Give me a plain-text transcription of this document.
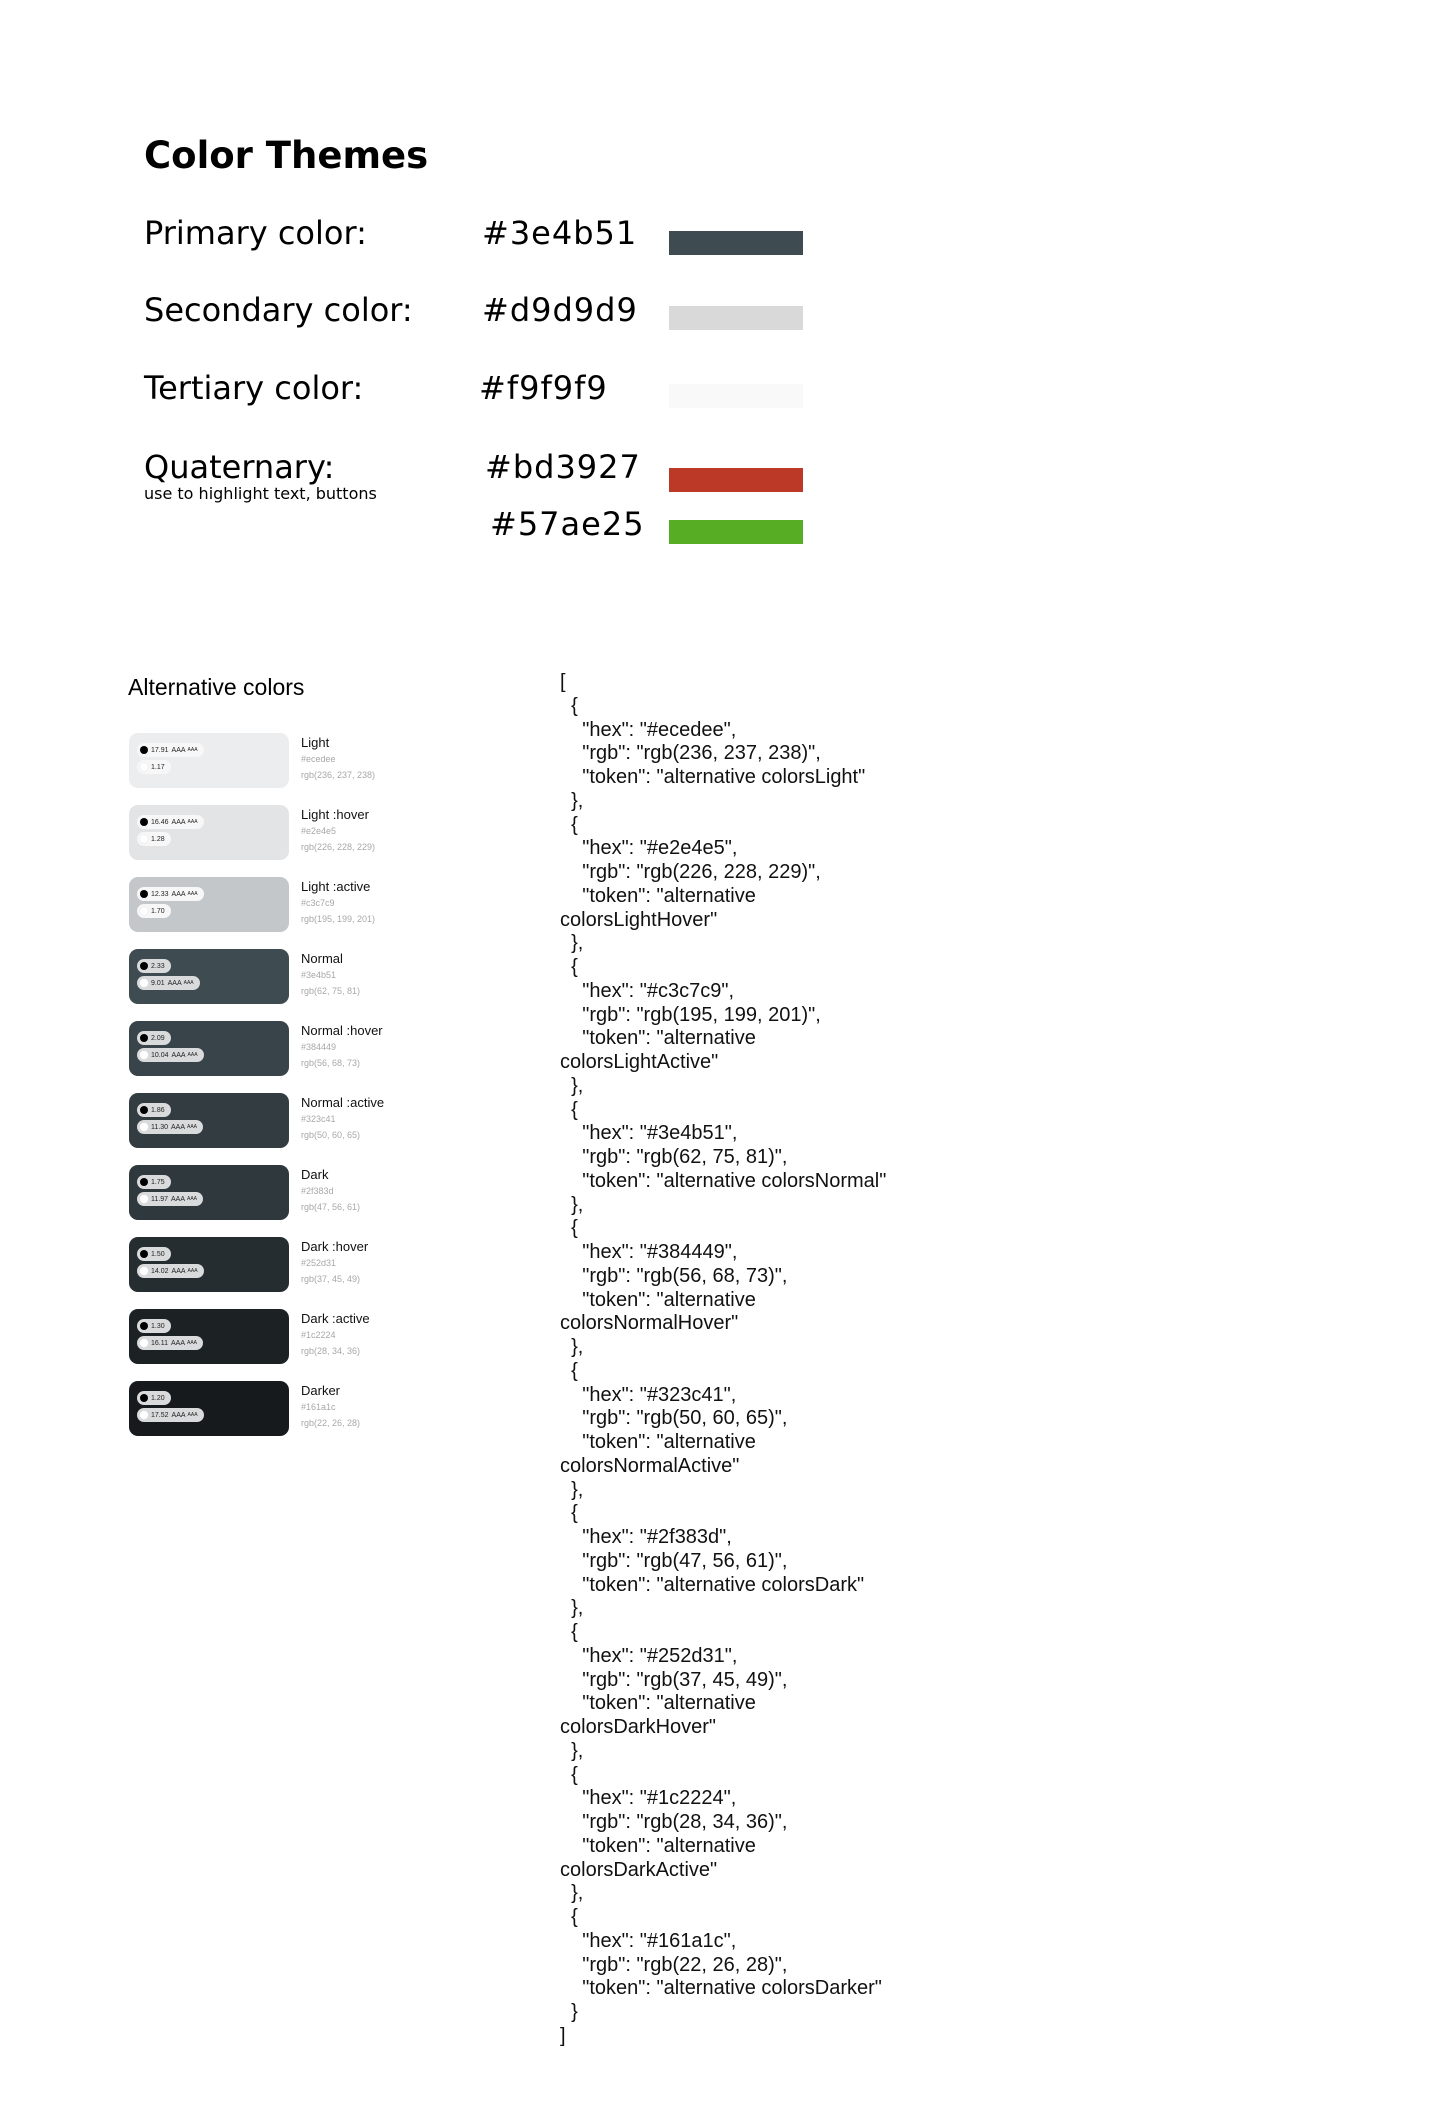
Color Themes
Primary color:	#3e4b51
Secondary color: #d9d9d9
Tertiary color:	#f9f9f9
Quaternary:
use to highlight text, buttons
#bd3927
#57ae25
Alternative colors
17.91 AAA AAA
1.17
Light
#ecedee
rgb(236, 237, 238)
16.46 AAA AAA
1.28
Light :hover
#e2e4e5
rgb(226, 228, 229)
12.33 AAA AAA
1.70
Light :active
#c3c7c9
rgb(195, 199, 201)
2.33
9.01 AAA AAA
Normal
#3e4b51
rgb(62, 75, 81)
2.09
10.04 AAA AAA
Normal :hover
#384449
rgb(56, 68, 73)
1.86
11.30 AAA AAA
Normal :active
#323c41
rgb(50, 60, 65)
1.75
11.97 AAA AAA
Dark
#2f383d
rgb(47, 56, 61)
1.50
14.02 AAA AAA
Dark :hover
#252d31
rgb(37, 45, 49)
1.30
16.11 AAA AAA
Dark :active
#1c2224
rgb(28, 34, 36)
1.20
17.52 AAA AAA
Darker
#161a1c
rgb(22, 26, 28)
[
{
"hex": "#ecedee",
"rgb": "rgb(236, 237, 238)",
"token": "alternative colorsLight"
},
{
"hex": "#e2e4e5",
"rgb": "rgb(226, 228, 229)",
"token": "alternative
colorsLightHover"
},
{
"hex": "#c3c7c9",
"rgb": "rgb(195, 199, 201)",
"token": "alternative
colorsLightActive"
},
{
"hex": "#3e4b51",
"rgb": "rgb(62, 75, 81)",
"token": "alternative colorsNormal"
},
{
"hex": "#384449",
"rgb": "rgb(56, 68, 73)",
"token": "alternative
colorsNormalHover"
},
{
"hex": "#323c41",
"rgb": "rgb(50, 60, 65)",
"token": "alternative
colorsNormalActive"
},
{
"hex": "#2f383d",
"rgb": "rgb(47, 56, 61)",
"token": "alternative colorsDark"
},
{
"hex": "#252d31",
"rgb": "rgb(37, 45, 49)",
"token": "alternative
colorsDarkHover"
},
{
"hex": "#1c2224",
"rgb": "rgb(28, 34, 36)",
"token": "alternative
colorsDarkActive"
},
{
"hex": "#161a1c",
"rgb": "rgb(22, 26, 28)",
"token": "alternative colorsDarker"
}
]
